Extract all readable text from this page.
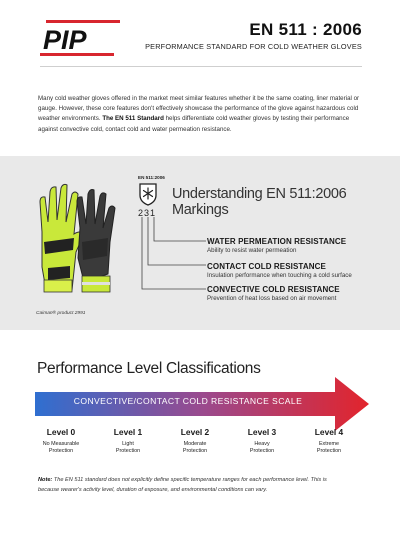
PIP	EN 511 : 2006
PERFORMANCE STANDARD FOR COLD WEATHER GLOVES
Many cold weather gloves offered in the market meet similar features whether it be the same coating, liner material or gauge. However, these core features don't effectively showcase the performance of the glove against hazardous cold weather environments. The EN 511 Standard helps differentiate cold weather gloves by testing their performance against convective cold, contact cold and water permeation resistance.
Caiman® product 2991
EN 511:2006
231
Understanding EN 511:2006 Markings
WATER PERMEATION RESISTANCE
Ability to resist water permeation
CONTACT COLD RESISTANCE
Insulation performance when touching a cold surface
CONVECTIVE COLD RESISTANCE
Prevention of heat loss based on air movement
Performance Level Classifications
CONVECTIVE/CONTACT COLD RESISTANCE SCALE
Level 0
No Measurable
Protection
Level 1
Light
Protection
Level 2
Moderate
Protection
Level 3
Heavy
Protection
Level 4
Extreme
Protection
Note: The EN 511 standard does not explicitly define specific temperature ranges for each performance level. This is because wearer's activity level, duration of exposure, and environmental conditions can vary.
